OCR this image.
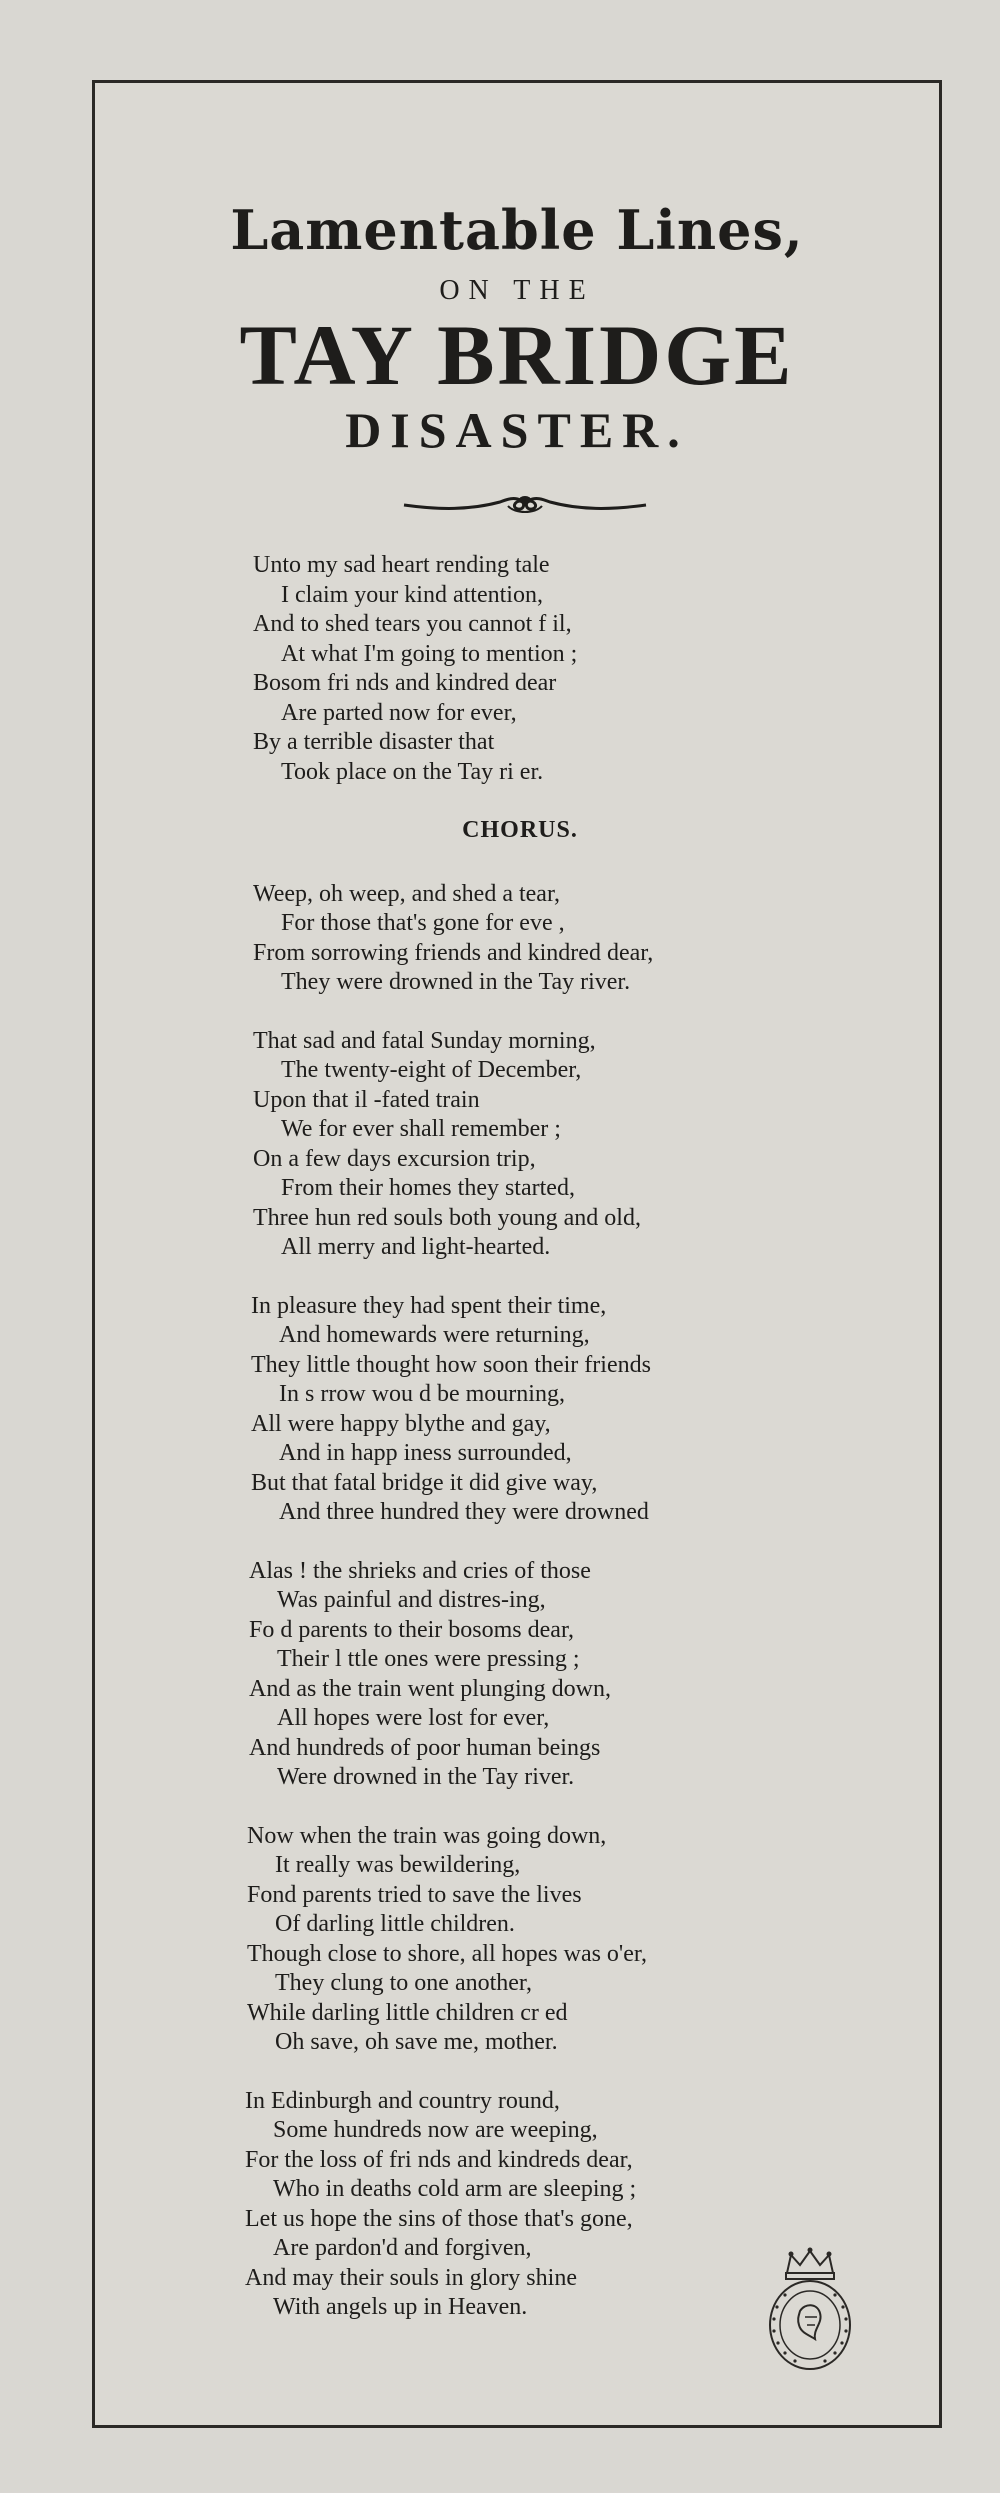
Lamentable Lines,
ON THE
TAY BRIDGE
DISASTER.
Unto my sad heart rending tale
I claim your kind attention,
And to shed tears you cannot f il,
At what I'm going to mention ;
Bosom fri nds and kindred dear
Are parted now for ever,
By a terrible disaster that
Took place on the Tay ri er.
CHORUS.
Weep, oh weep, and shed a tear,
For those that's gone for eve ,
From sorrowing friends and kindred dear,
They were drowned in the Tay river.
That sad and fatal Sunday morning,
The twenty-eight of December,
Upon that il -fated train
We for ever shall remember ;
On a few days excursion trip,
From their homes they started,
Three hun red souls both young and old,
All merry and light-hearted.
In pleasure they had spent their time,
And homewards were returning,
They little thought how soon their friends
In s rrow wou d be mourning,
All were happy blythe and gay,
And in happ iness surrounded,
But that fatal bridge it did give way,
And three hundred they were drowned
Alas ! the shrieks and cries of those
Was painful and distres-ing,
Fo d parents to their bosoms dear,
Their l ttle ones were pressing ;
And as the train went plunging down,
All hopes were lost for ever,
And hundreds of poor human beings
Were drowned in the Tay river.
Now when the train was going down,
It really was bewildering,
Fond parents tried to save the lives
Of darling little children.
Though close to shore, all hopes was o'er,
They clung to one another,
While darling little children cr ed
Oh save, oh save me, mother.
In Edinburgh and country round,
Some hundreds now are weeping,
For the loss of fri nds and kindreds dear,
Who in deaths cold arm are sleeping ;
Let us hope the sins of those that's gone,
Are pardon'd and forgiven,
And may their souls in glory shine
With angels up in Heaven.
